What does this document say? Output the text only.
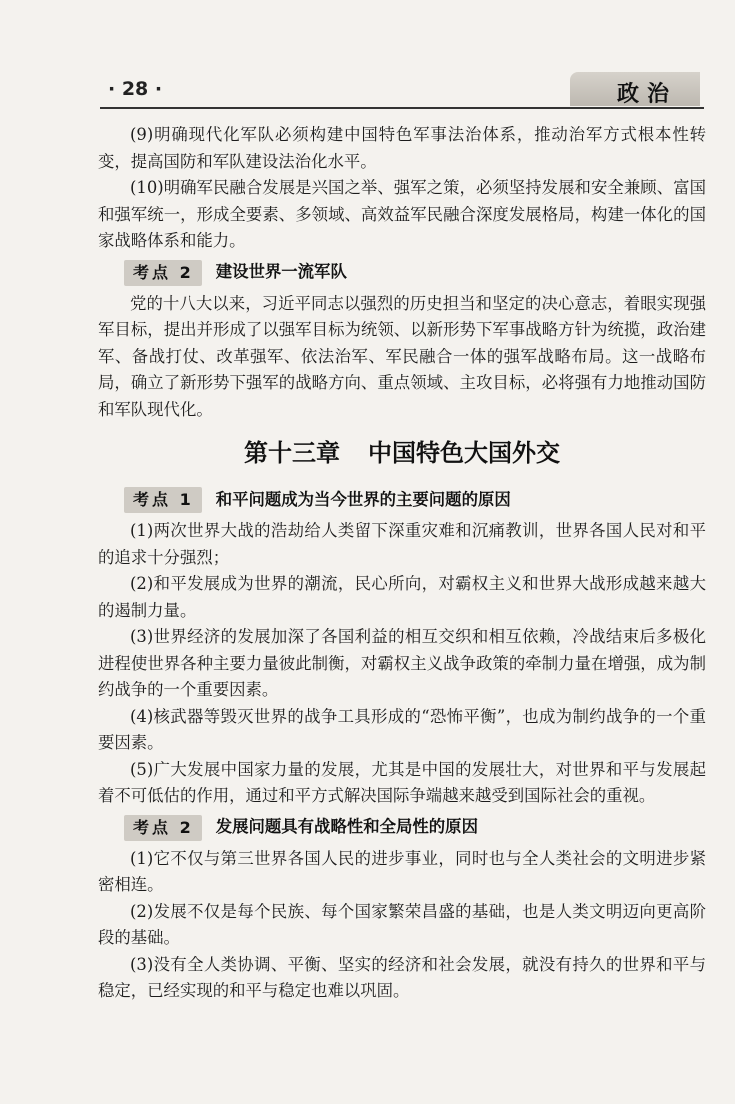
· 28 ·	政治

(9)明确现代化军队必须构建中国特色军事法治体系，推动治军方式根本性转变，提高国防和军队建设法治化水平。

(10)明确军民融合发展是兴国之举、强军之策，必须坚持发展和安全兼顾、富国和强军统一，形成全要素、多领域、高效益军民融合深度发展格局，构建一体化的国家战略体系和能力。

考点 2	建设世界一流军队

党的十八大以来，习近平同志以强烈的历史担当和坚定的决心意志，着眼实现强军目标，提出并形成了以强军目标为统领、以新形势下军事战略方针为统揽，政治建军、备战打仗、改革强军、依法治军、军民融合一体的强军战略布局。这一战略布局，确立了新形势下强军的战略方向、重点领域、主攻目标，必将强有力地推动国防和军队现代化。

第十三章 中国特色大国外交
考点 1	和平问题成为当今世界的主要问题的原因

(1)两次世界大战的浩劫给人类留下深重灾难和沉痛教训，世界各国人民对和平的追求十分强烈；

(2)和平发展成为世界的潮流，民心所向，对霸权主义和世界大战形成越来越大的遏制力量。

(3)世界经济的发展加深了各国利益的相互交织和相互依赖，冷战结束后多极化进程使世界各种主要力量彼此制衡，对霸权主义战争政策的牵制力量在增强，成为制约战争的一个重要因素。

(4)核武器等毁灭世界的战争工具形成的“恐怖平衡”，也成为制约战争的一个重要因素。

(5)广大发展中国家力量的发展，尤其是中国的发展壮大，对世界和平与发展起着不可低估的作用，通过和平方式解决国际争端越来越受到国际社会的重视。

考点 2	发展问题具有战略性和全局性的原因

(1)它不仅与第三世界各国人民的进步事业，同时也与全人类社会的文明进步紧密相连。

(2)发展不仅是每个民族、每个国家繁荣昌盛的基础，也是人类文明迈向更高阶段的基础。

(3)没有全人类协调、平衡、坚实的经济和社会发展，就没有持久的世界和平与稳定，已经实现的和平与稳定也难以巩固。
